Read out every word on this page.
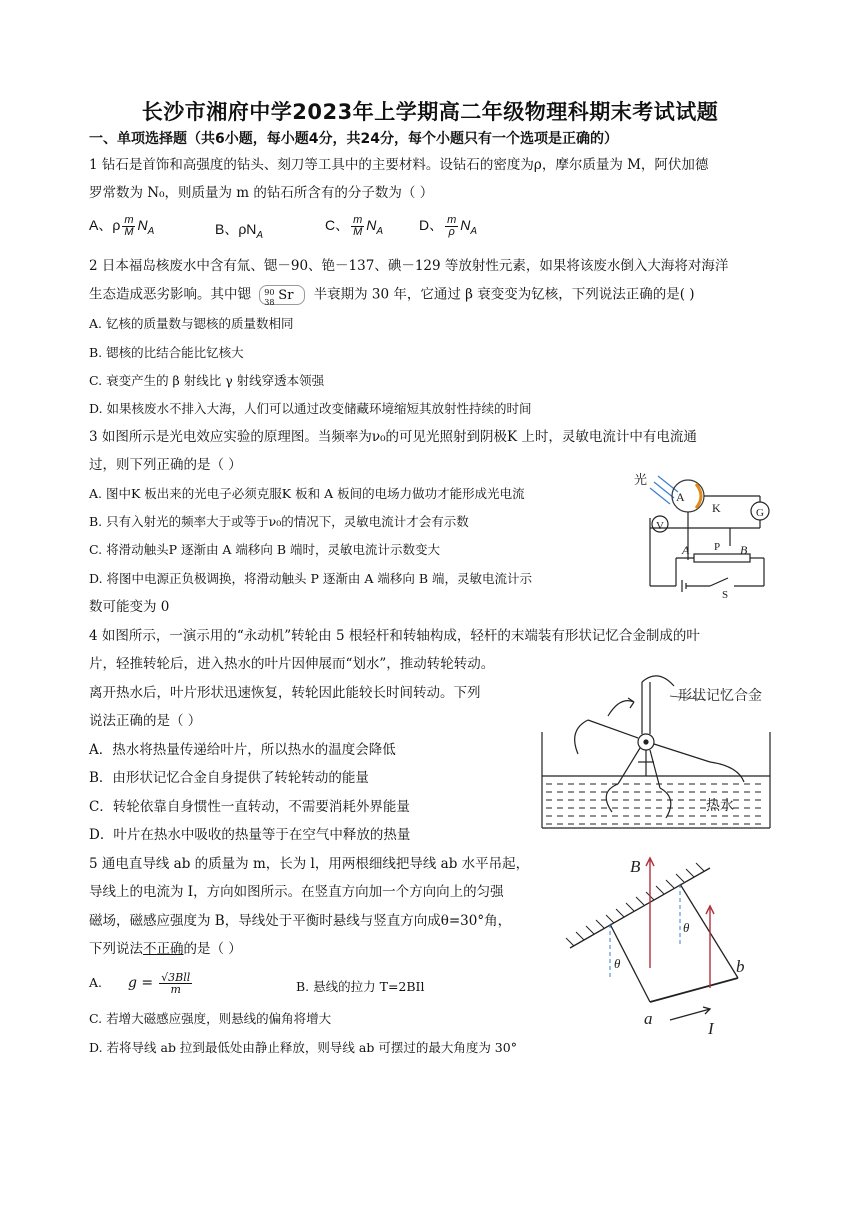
长沙市湘府中学2023年上学期高二年级物理科期末考试试题
一、单项选择题（共6小题，每小题4分，共24分，每个小题只有一个选项是正确的）
1 钻石是首饰和高强度的钻头、刻刀等工具中的主要材料。设钻石的密度为ρ，摩尔质量为 M，阿伏加德
罗常数为 N₀，则质量为 m 的钻石所含有的分子数为（ ）
A、ρ $\frac{m}{M} N_A$	B、$\rho N_A$
C、 $\frac{m}{M} N_A$	D、 $\frac{m}{\rho} N_A$
2 日本福岛核废水中含有氚、锶－90、铯－137、碘－129 等放射性元素，如果将该废水倒入大海将对海洋
生态造成恶劣影响。其中锶 90
38 Sr 半衰期为 30 年，它通过 β 衰变变为钇核，下列说法正确的是( )
A. 钇核的质量数与锶核的质量数相同
B. 锶核的比结合能比钇核大
C. 衰变产生的 β 射线比 γ 射线穿透本领强
D. 如果核废水不排入大海，人们可以通过改变储藏环境缩短其放射性持续的时间
3 如图所示是光电效应实验的原理图。当频率为ν₀的可见光照射到阴极K 上时，灵敏电流计中有电流通
过，则下列正确的是（ ）
A. 图中K 板出来的光电子必须克服K 板和 A 板间的电场力做功才能形成光电流
B. 只有入射光的频率大于或等于ν₀的情况下，灵敏电流计才会有示数
C. 将滑动触头P 逐渐由 A 端移向 B 端时，灵敏电流计示数变大
D. 将图中电源正负极调换，将滑动触头 P 逐渐由 A 端移向 B 端，灵敏电流计示
数可能变为 0
光
A
K
V
G
P
A	B
S
4 如图所示，一演示用的“永动机”转轮由 5 根轻杆和转轴构成，轻杆的末端装有形状记忆合金制成的叶
片，轻推转轮后，进入热水的叶片因伸展而“划水”，推动转轮转动。
离开热水后，叶片形状迅速恢复，转轮因此能较长时间转动。下列
说法正确的是（ ）
A．热水将热量传递给叶片，所以热水的温度会降低
B．由形状记忆合金自身提供了转轮转动的能量
C．转轮依靠自身惯性一直转动，不需要消耗外界能量
D．叶片在热水中吸收的热量等于在空气中释放的热量
形状记忆合金
热水
5 通电直导线 ab 的质量为 m，长为 l，用两根细线把导线 ab 水平吊起，
导线上的电流为 I，方向如图所示。在竖直方向加一个方向向上的匀强
磁场，磁感应强度为 B，导线处于平衡时悬线与竖直方向成θ=30°角，
下列说法不正确的是（ ）
A. $g = \frac{\text{√3Bll}}{m}$	B. 悬线的拉力 T=2BIl
C. 若增大磁感应强度，则悬线的偏角将增大
D. 若将导线 ab 拉到最低处由静止释放，则导线 ab 可摆过的最大角度为 30°
B
θ
θ
a
b
I
